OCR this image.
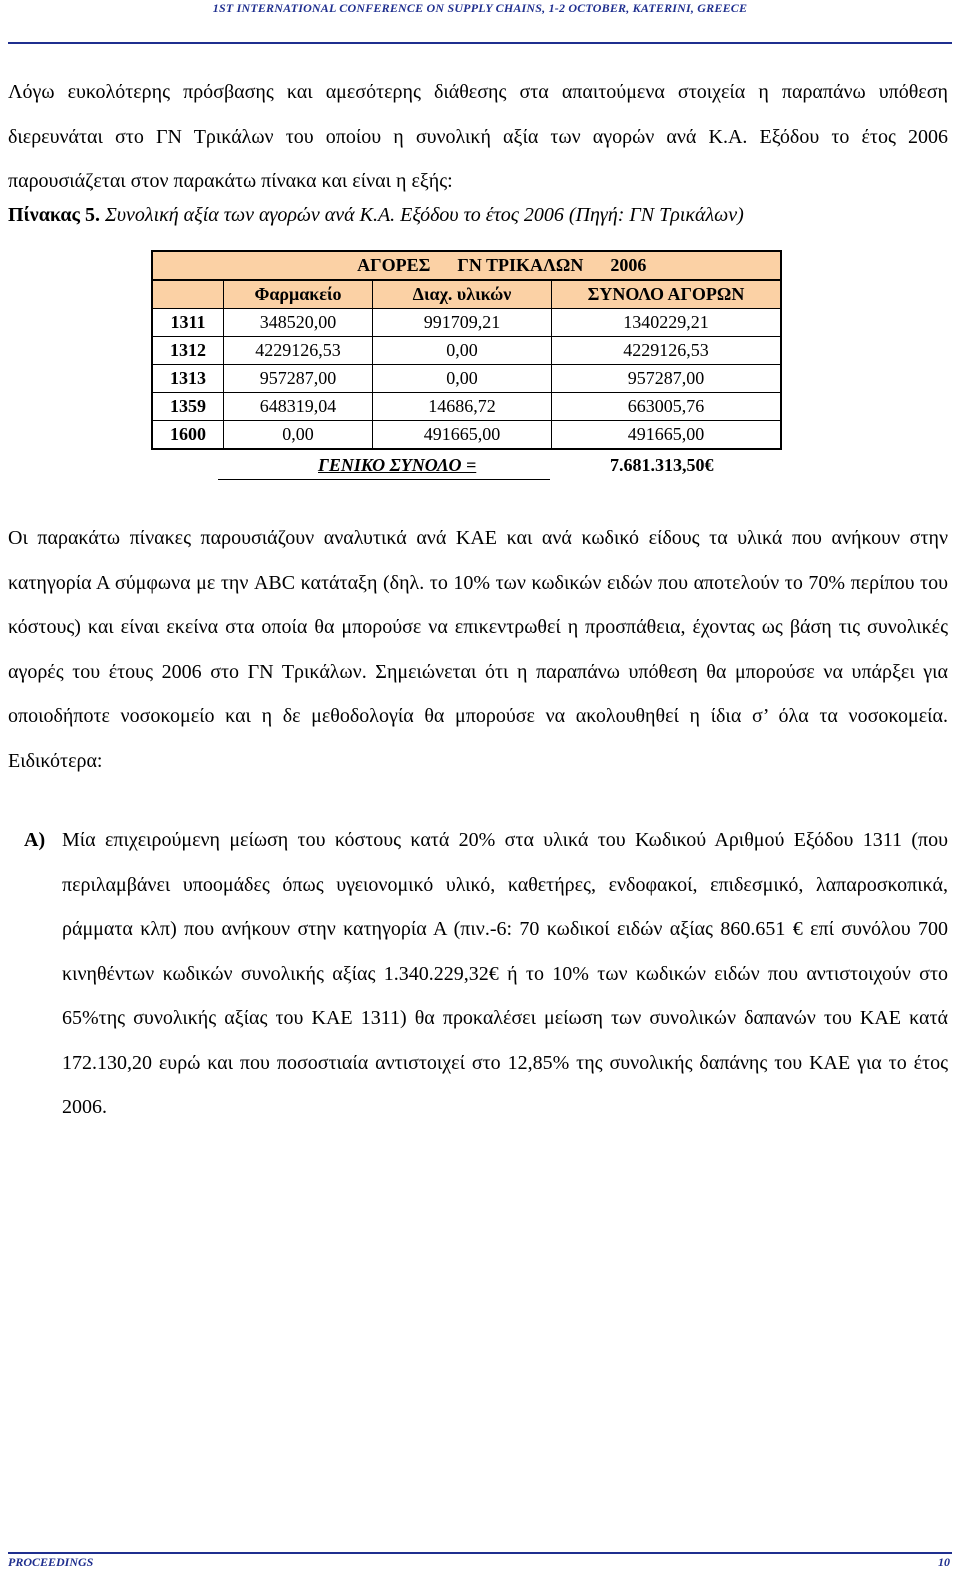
1ST INTERNATIONAL CONFERENCE ON SUPPLY CHAINS, 1-2 OCTOBER, KATERINI, GREECE
Λόγω ευκολότερης πρόσβασης και αμεσότερης διάθεσης στα απαιτούμενα στοιχεία η παραπάνω υπόθεση διερευνάται στο ΓΝ Τρικάλων του οποίου η συνολική αξία των αγορών ανά Κ.Α. Εξόδου το έτος 2006 παρουσιάζεται στον παρακάτω πίνακα και είναι η εξής:
Πίνακας 5. Συνολική αξία των αγορών ανά Κ.Α. Εξόδου το έτος 2006 (Πηγή: ΓΝ Τρικάλων)
	ΑΓΟΡΕΣ ΓΝ ΤΡΙΚΑΛΩΝ 2006		
	Φαρμακείο	Διαχ. υλικών	ΣΥΝΟΛΟ ΑΓΟΡΩΝ
1311	348520,00	991709,21	1340229,21
1312	4229126,53	0,00	4229126,53
1313	957287,00	0,00	957287,00
1359	648319,04	14686,72	663005,76
1600	0,00	491665,00	491665,00
ΓΕΝΙΚΟ ΣΥΝΟΛΟ =	7.681.313,50€
Οι παρακάτω πίνακες παρουσιάζουν αναλυτικά ανά ΚΑΕ και ανά κωδικό είδους τα υλικά που ανήκουν στην κατηγορία Α σύμφωνα με την ABC κατάταξη (δηλ. το 10% των κωδικών ειδών που αποτελούν το 70% περίπου του κόστους) και είναι εκείνα στα οποία θα μπορούσε να επικεντρωθεί η προσπάθεια, έχοντας ως βάση τις συνολικές αγορές του έτους 2006 στο ΓΝ Τρικάλων. Σημειώνεται ότι η παραπάνω υπόθεση θα μπορούσε να υπάρξει για οποιοδήποτε νοσοκομείο και η δε μεθοδολογία θα μπορούσε να ακολουθηθεί η ίδια σ’ όλα τα νοσοκομεία. Ειδικότερα:
Α) Μία επιχειρούμενη μείωση του κόστους κατά 20% στα υλικά του Κωδικού Αριθμού Εξόδου 1311 (που περιλαμβάνει υποομάδες όπως υγειονομικό υλικό, καθετήρες, ενδοφακοί, επιδεσμικό, λαπαροσκοπικά, ράμματα κλπ) που ανήκουν στην κατηγορία Α (πιν.-6: 70 κωδικοί ειδών αξίας 860.651 € επί συνόλου 700 κινηθέντων κωδικών συνολικής αξίας 1.340.229,32€ ή το 10% των κωδικών ειδών που αντιστοιχούν στο 65%της συνολικής αξίας του ΚΑΕ 1311) θα προκαλέσει μείωση των συνολικών δαπανών του ΚΑΕ κατά 172.130,20 ευρώ και που ποσοστιαία αντιστοιχεί στο 12,85% της συνολικής δαπάνης του ΚΑΕ για το έτος 2006.
PROCEEDINGS	10
